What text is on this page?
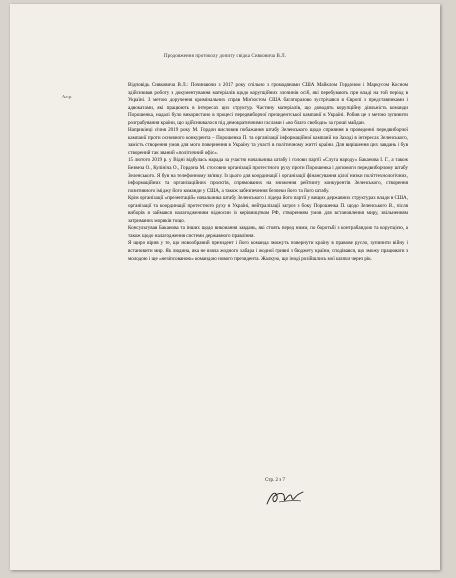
Продовження протоколу допиту свідка Сивковича В.Л.
Ал.р.

Відповідь Сивковича В.Л.: Починаючи з 2017 року спільно з громадянами США Майклом Гордоном і Маркусом Косном здійснював роботу з документування матеріалів щодо корупційних злочинів осіб, які перебувають при владі на той період в Україні. З метою доручення кримінальних справ Мін'юстом США багаторазово зустрічався в Європі з представниками і адвокатами, які працюють в інтересах цих структур. Частину матеріалів, що доводять корупційну діяльність команди Порошенка, надалі було використано в процесі передвиборчої президентської кампанії в Україні. Робив це з метою зупинити розграбування країни, що здійснювалося під демократичними гаслами і «во благо свободи» за гроші майдан.

Наприкінці січня 2019 року М. Гордон висловив побажання штабу Зеленського щодо сприяння в проведенні передвиборчої кампанії проти основного конкурента – Порошенка П. та організації інформаційної кампанії на Заході в інтересах Зеленського, замість створення умов для мого повернення в Україну та участі в політичному житті країни. Для вирішення цих завдань і був створений так званий «політичний офіс».

15 лютого 2019 р. у Відні відбулась нарада за участю начальника штабу і голови партії «Слуга народу» Баканова І. Г., а також Безвеза О., Кулініча О., Гордона М. стосовно організації протестного руху проти Порошенка і допомоги передвиборчому штабу Зеленського. Я був на телефонному зв'язку. Із цього для координації і організації фінансування цілої низки політтехнологічних, інформаційних та організаційних проєктів, спрямованих на зниження рейтингу конкурентів Зеленського, створення позитивного іміджу його команди у США, а також забезпечення безпеки його та його штабу.

Крім організації «презентацій» начальника штабу Зеленського і лідера його партії у вищих державних структурах влади в США, організації та координації протестного руху в Україні, нейтралізації загроз з боку Порошенка П. щодо Зеленського В., після виборів я займався налагодженням відносин із керівництвом РФ, створенням умов для встановлення миру, звільненням затриманих моряків тощо.

Консультував Баканова та інших щодо виконання завдань, які стоять перед ними, по боротьбі з контрабандою та корупцією, а також щодо налагодження системи державного правління.

Я щиро вірив у те, що новообраний президент і його команда зможуть повернути країну в правове русло, зупинити війну і встановити мир. Як людина, яка не взяла жодного хабара і жодної гривні з бюджету країни, сподівався, що зможу працювати з молодою і ще «незіпсованою» командою нового президента. Жалкую, що іноді розійшлись мої шляхи через рік.

Стр. 2 з 7
